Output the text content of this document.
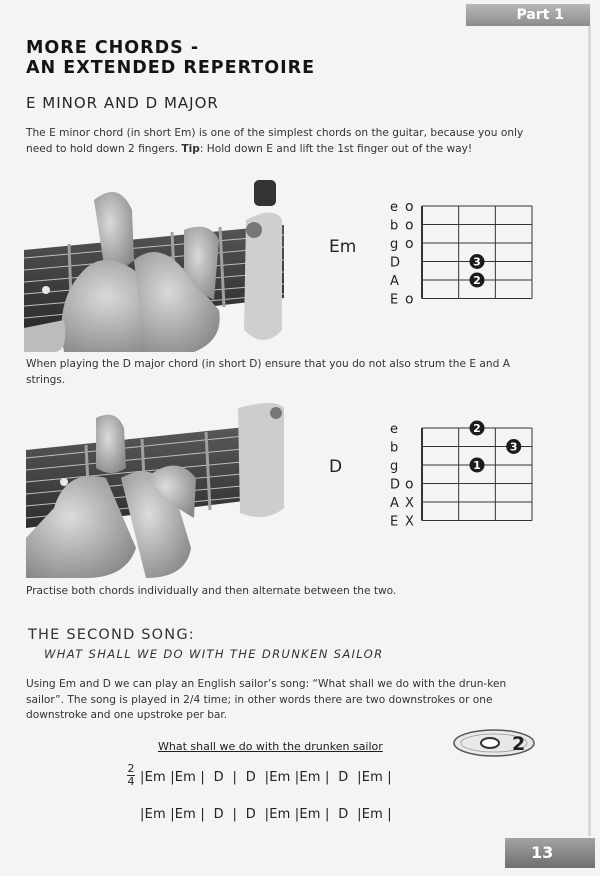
Part 1
MORE CHORDS -
AN EXTENDED REPERTOIRE
E MINOR AND D MAJOR
The E minor chord (in short Em) is one of the simplest chords on the guitar, because you only need to hold down 2 fingers. Tip: Hold down E and lift the 1st finger out of the way!
Em
e o
b o
g o
D
A
E o
3
2
When playing the D major chord (in short D) ensure that you do not also strum the E and A strings.
D
e
b
g
D o
A X
E X
2
3
1
Practise both chords individually and then alternate between the two.
THE SECOND SONG:
WHAT SHALL WE DO WITH THE DRUNKEN SAILOR
Using Em and D we can play an English sailor’s song: “What shall we do with the drun-ken sailor”. The song is played in 2/4 time; in other words there are two downstrokes or one downstroke and one upstroke per bar.
What shall we do with the drunken sailor	2
2
4 |Em |Em |  D  |  D  |Em |Em |  D  |Em |
|Em |Em |  D  |  D  |Em |Em |  D  |Em |
13
